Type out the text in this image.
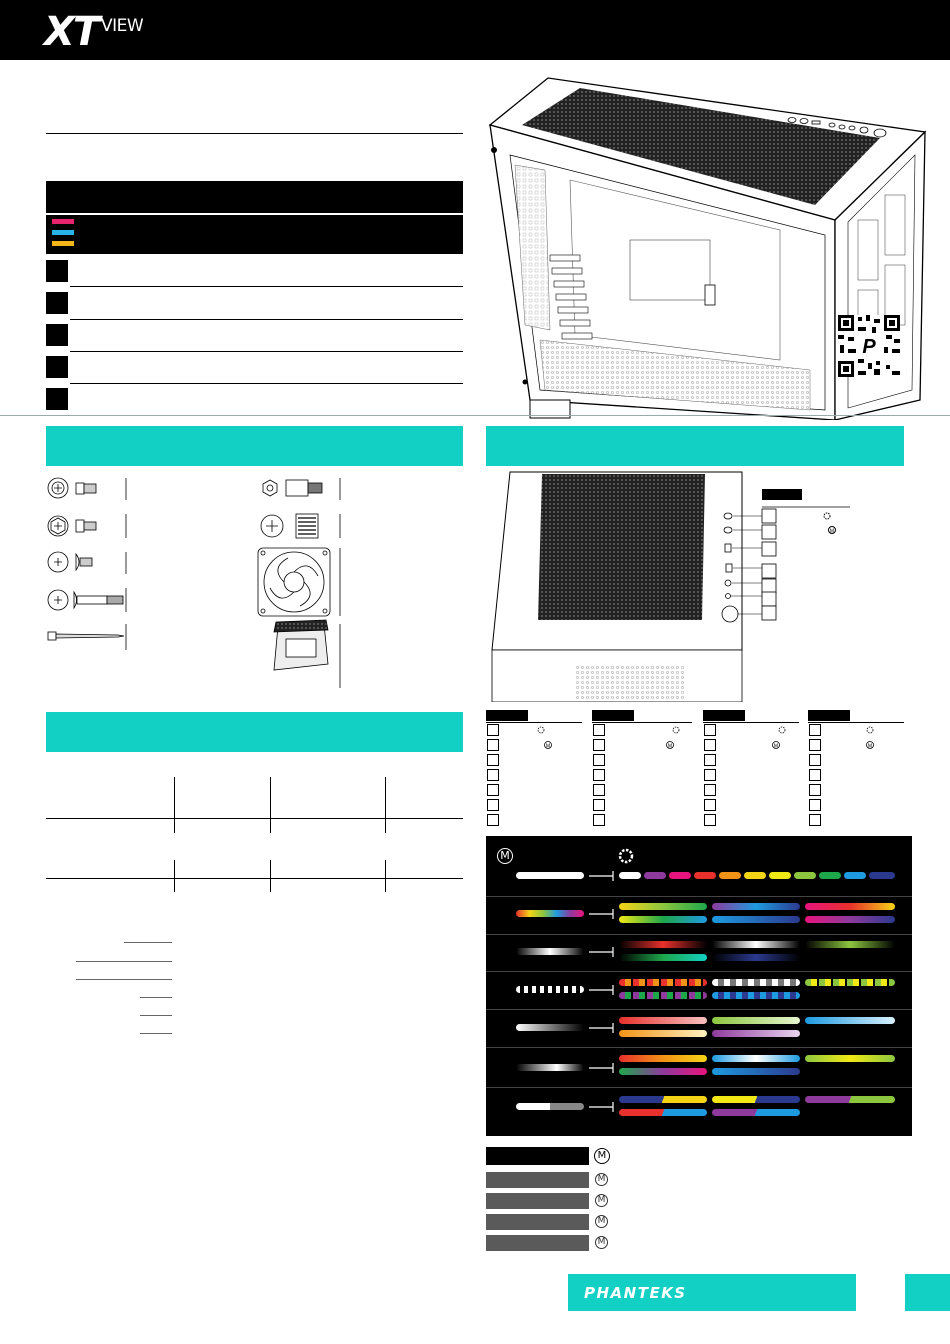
XT VIEW
P
M
M	M	M	M
M
M
M
M
M
M
PHANTEKS
